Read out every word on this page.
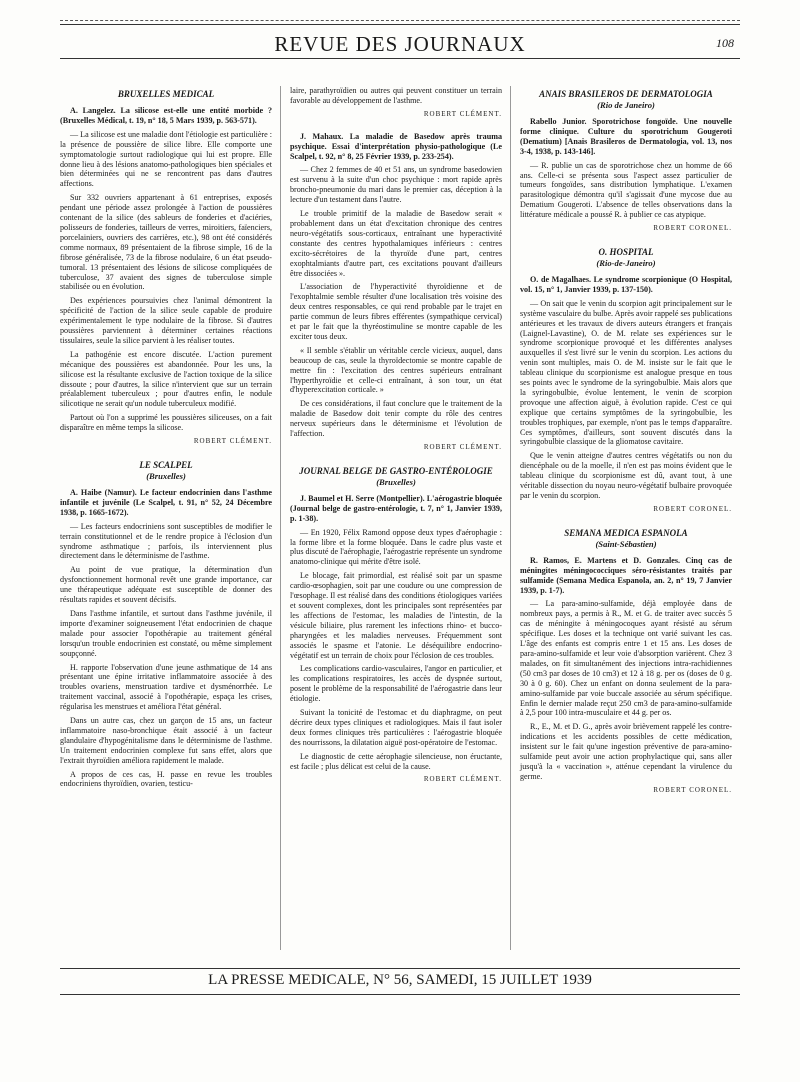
REVUE DES JOURNAUX	108
BRUXELLES MEDICAL

A. Langelez. La silicose est-elle une entité morbide ? (Bruxelles Médical, t. 19, n° 18, 5 Mars 1939, p. 563-571).

— La silicose est une maladie dont l'étiologie est particulière : la présence de poussière de silice libre. Elle comporte une symptomatologie surtout radiologique qui lui est propre. Elle donne lieu à des lésions anatomo-pathologiques bien spéciales et bien déterminées qui ne se rencontrent pas dans d'autres affections.

Sur 332 ouvriers appartenant à 61 entreprises, exposés pendant une période assez prolongée à l'action de poussières contenant de la silice (des sableurs de fonderies et d'aciéries, polisseurs de fonderies, tailleurs de verres, miroitiers, faïenciers, porcelainiers, ouvriers des carrières, etc.), 98 ont été considérés comme normaux, 89 présentaient de la fibrose simple, 16 de la fibrose généralisée, 73 de la fibrose nodulaire, 6 un état pseudo-tumoral. 13 présentaient des lésions de silicose compliquées de tuberculose, 37 avaient des signes de tuberculose simple stabilisée ou en évolution.

Des expériences poursuivies chez l'animal démontrent la spécificité de l'action de la silice seule capable de produire expérimentalement le type nodulaire de la fibrose. Si d'autres poussières parviennent à déterminer certaines réactions tissulaires, seule la silice parvient à les réaliser toutes.

La pathogénie est encore discutée. L'action purement mécanique des poussières est abandonnée. Pour les uns, la silicose est la résultante exclusive de l'action toxique de la silice dissoute ; pour d'autres, la silice n'intervient que sur un terrain préalablement tuberculeux ; pour d'autres enfin, le nodule silicotique ne serait qu'un nodule tuberculeux modifié.

Partout où l'on a supprimé les poussières siliceuses, on a fait disparaître en même temps la silicose.

ROBERT CLÉMENT.
LE SCALPEL
(Bruxelles)

A. Haibe (Namur). Le facteur endocrinien dans l'asthme infantile et juvénile (Le Scalpel, t. 91, n° 52, 24 Décembre 1938, p. 1665-1672).

— Les facteurs endocriniens sont susceptibles de modifier le terrain constitutionnel et de le rendre propice à l'éclosion d'un syndrome asthmatique ; parfois, ils interviennent plus directement dans le déterminisme de l'asthme.

Au point de vue pratique, la détermination d'un dysfonctionnement hormonal revêt une grande importance, car une thérapeutique adéquate est susceptible de donner des résultats rapides et souvent décisifs.

Dans l'asthme infantile, et surtout dans l'asthme juvénile, il importe d'examiner soigneusement l'état endocrinien de chaque malade pour associer l'opothérapie au traitement général lorsqu'un trouble endocrinien est constaté, ou même simplement soupçonné.

H. rapporte l'observation d'une jeune asthmatique de 14 ans présentant une épine irritative inflammatoire associée à des troubles ovariens, menstruation tardive et dysménorrhée. Le traitement vaccinal, associé à l'opothérapie, espaça les crises, régularisa les menstrues et améliora l'état général.

Dans un autre cas, chez un garçon de 15 ans, un facteur inflammatoire naso-bronchique était associé à un facteur glandulaire d'hypogénitalisme dans le déterminisme de l'asthme. Un traitement endocrinien complexe fut sans effet, alors que l'extrait thyroïdien améliora rapidement le malade.

A propos de ces cas, H. passe en revue les troubles endocriniens thyroïdien, ovarien, testicu-

laire, parathyroïdien ou autres qui peuvent constituer un terrain favorable au développement de l'asthme.

ROBERT CLÉMENT.

J. Mahaux. La maladie de Basedow après trauma psychique. Essai d'interprétation physio-pathologique (Le Scalpel, t. 92, n° 8, 25 Février 1939, p. 233-254).

— Chez 2 femmes de 40 et 51 ans, un syndrome basedowien est survenu à la suite d'un choc psychique : mort rapide après broncho-pneumonie du mari dans le premier cas, déception à la lecture d'un testament dans l'autre.

Le trouble primitif de la maladie de Basedow serait « probablement dans un état d'excitation chronique des centres neuro-végétatifs sous-corticaux, entraînant une hyperactivité constante des centres hypothalamiques inférieurs : centres excito-sécrétoires de la thyroïde d'une part, centres exophtalmiants d'autre part, ces excitations pouvant d'ailleurs être dissociées ».

L'association de l'hyperactivité thyroïdienne et de l'exophtalmie semble résulter d'une localisation très voisine des deux centres responsables, ce qui rend probable par le trajet en partie commun de leurs fibres efférentes (sympathique cervical) et par le fait que la thyréostimuline se montre capable de les exciter tous deux.

« Il semble s'établir un véritable cercle vicieux, auquel, dans beaucoup de cas, seule la thyroïdectomie se montre capable de mettre fin : l'excitation des centres supérieurs entraînant l'hyperthyroïdie et celle-ci entraînant, à son tour, un état d'hyperexcitation corticale. »

De ces considérations, il faut conclure que le traitement de la maladie de Basedow doit tenir compte du rôle des centres nerveux supérieurs dans le déterminisme et l'évolution de l'affection.

ROBERT CLÉMENT.
JOURNAL BELGE DE GASTRO-ENTÉROLOGIE
(Bruxelles)

J. Baumel et H. Serre (Montpellier). L'aérogastrie bloquée (Journal belge de gastro-entérologie, t. 7, n° 1, Janvier 1939, p. 1-38).

— En 1920, Félix Ramond oppose deux types d'aérophagie : la forme libre et la forme bloquée. Dans le cadre plus vaste et plus discuté de l'aérophagie, l'aérogastrie représente un syndrome anatomo-clinique qui mérite d'être isolé.

Le blocage, fait primordial, est réalisé soit par un spasme cardio-œsophagien, soit par une coudure ou une compression de l'œsophage. Il est réalisé dans des conditions étiologiques variées et souvent complexes, dont les principales sont représentées par les affections de l'estomac, les maladies de l'intestin, de la vésicule biliaire, plus rarement les infections rhino- et bucco-pharyngées et les maladies nerveuses. Fréquemment sont associés le spasme et l'atonie. Le déséquilibre endocrino-végétatif est un terrain de choix pour l'éclosion de ces troubles.

Les complications cardio-vasculaires, l'angor en particulier, et les complications respiratoires, les accès de dyspnée surtout, posent le problème de la responsabilité de l'aérogastrie dans leur étiologie.

Suivant la tonicité de l'estomac et du diaphragme, on peut décrire deux types cliniques et radiologiques. Mais il faut isoler deux formes cliniques très particulières : l'aérogastrie bloquée des nourrissons, la dilatation aiguë post-opératoire de l'estomac.

Le diagnostic de cette aérophagie silencieuse, non éructante, est facile ; plus délicat est celui de la cause.

ROBERT CLÉMENT.
ANAIS BRASILEROS DE DERMATOLOGIA
(Rio de Janeiro)

Rabello Junior. Sporotrichose fongoïde. Une nouvelle forme clinique. Culture du sporotrichum Gougeroti (Dematium) [Anais Brasileros de Dermatologia, vol. 13, nos 3-4, 1938, p. 143-146].

— R. publie un cas de sporotrichose chez un homme de 66 ans. Celle-ci se présenta sous l'aspect assez particulier de tumeurs fongoïdes, sans distribution lymphatique. L'examen parasitologique démontra qu'il s'agissait d'une mycose due au Dematium Gougeroti. L'absence de telles observations dans la littérature médicale a poussé R. à publier ce cas atypique.

ROBERT CORONEL.
O. HOSPITAL
(Rio-de-Janeiro)

O. de Magalhaes. Le syndrome scorpionique (O Hospital, vol. 15, n° 1, Janvier 1939, p. 137-150).

— On sait que le venin du scorpion agit principalement sur le système vasculaire du bulbe. Après avoir rappelé ses publications antérieures et les travaux de divers auteurs étrangers et français (Laignel-Lavastine), O. de M. relate ses expériences sur le syndrome scorpionique provoqué et les différentes analyses auxquelles il s'est livré sur le venin du scorpion. Les actions du venin sont multiples, mais O. de M. insiste sur le fait que le tableau clinique du scorpionisme est analogue presque en tous ses points avec le syndrome de la syringobulbie. Mais alors que la syringobulbie, évolue lentement, le venin de scorpion provoque une affection aiguë, à évolution rapide. C'est ce qui explique que certains symptômes de la syringobulbie, les troubles trophiques, par exemple, n'ont pas le temps d'apparaître. Ces symptômes, d'ailleurs, sont souvent discutés dans la syringobulbie classique de la gliomatose cavitaire.

Que le venin atteigne d'autres centres végétatifs ou non du diencéphale ou de la moelle, il n'en est pas moins évident que le tableau clinique du scorpionisme est dû, avant tout, à une véritable dissection du noyau neuro-végétatif bulbaire provoquée par le venin du scorpion.

ROBERT CORONEL.
SEMANA MEDICA ESPANOLA
(Saint-Sébastien)

R. Ramos, E. Martens et D. Gonzales. Cinq cas de méningites méningococciques séro-résistantes traités par sulfamide (Semana Medica Espanola, an. 2, n° 19, 7 Janvier 1939, p. 1-7).

— La para-amino-sulfamide, déjà employée dans de nombreux pays, a permis à R., M. et G. de traiter avec succès 5 cas de méningite à méningocoques ayant résisté au sérum spécifique. Les doses et la technique ont varié suivant les cas. L'âge des enfants est compris entre 1 et 15 ans. Les doses de para-amino-sulfamide et leur voie d'absorption varièrent. Chez 3 malades, on fit simultanément des injections intra-rachidiennes (50 cm3 par doses de 10 cm3) et 12 à 18 g. per os (doses de 0 g. 30 à 0 g. 60). Chez un enfant on donna seulement de la para-amino-sulfamide par voie buccale associée au sérum spécifique. Enfin le dernier malade reçut 250 cm3 de para-amino-sulfamide à 2,5 pour 100 intra-musculaire et 44 g. per os.

R., E., M. et D. G., après avoir brièvement rappelé les contre-indications et les accidents possibles de cette médication, insistent sur le fait qu'une ingestion préventive de para-amino-sulfamide peut avoir une action prophylactique qui, sans aller jusqu'à la « vaccination », atténue cependant la virulence du germe.

ROBERT CORONEL.
LA PRESSE MEDICALE, N° 56, SAMEDI, 15 JUILLET 1939
